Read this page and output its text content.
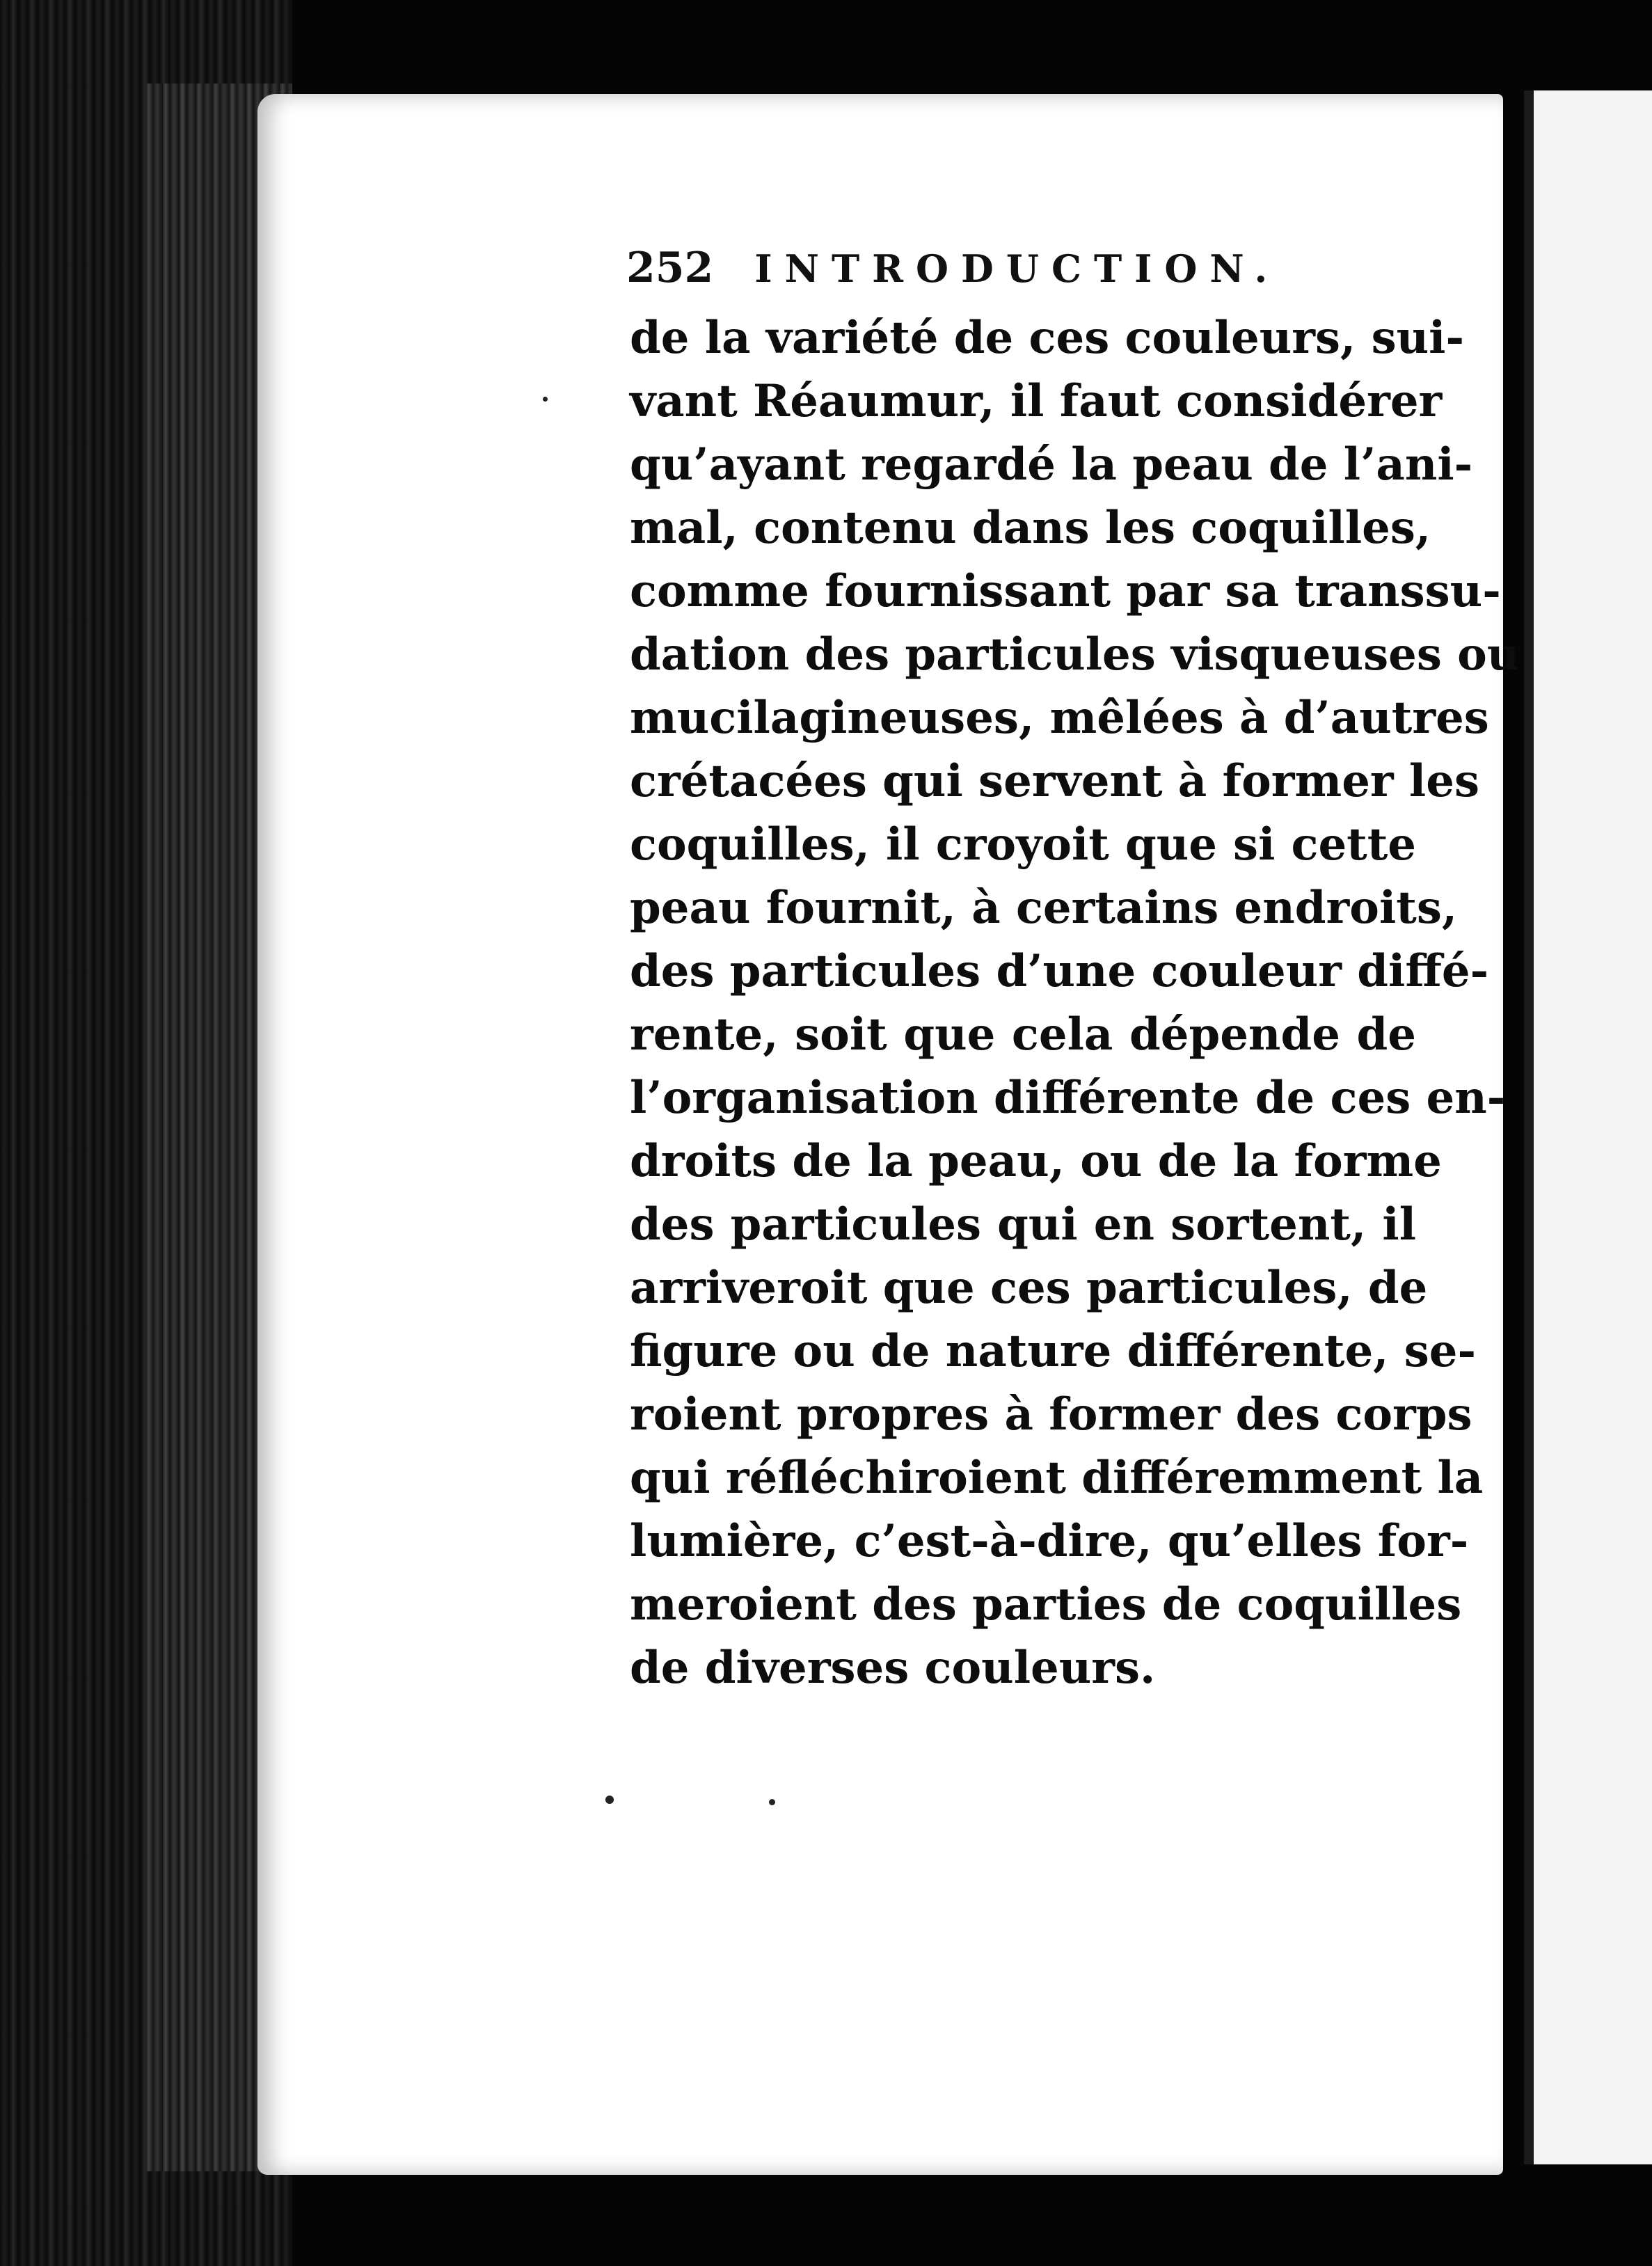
252 INTRODUCTION.
de la variété de ces couleurs, sui-
vant Réaumur, il faut considérer
qu’ayant regardé la peau de l’ani-
mal, contenu dans les coquilles,
comme fournissant par sa transsu-
dation des particules visqueuses ou
mucilagineuses, mêlées à d’autres
crétacées qui servent à former les
coquilles, il croyoit que si cette
peau fournit, à certains endroits,
des particules d’une couleur diffé-
rente, soit que cela dépende de
l’organisation différente de ces en-
droits de la peau, ou de la forme
des particules qui en sortent, il
arriveroit que ces particules, de
figure ou de nature différente, se-
roient propres à former des corps
qui réfléchiroient différemment la
lumière, c’est-à-dire, qu’elles for-
meroient des parties de coquilles
de diverses couleurs.
